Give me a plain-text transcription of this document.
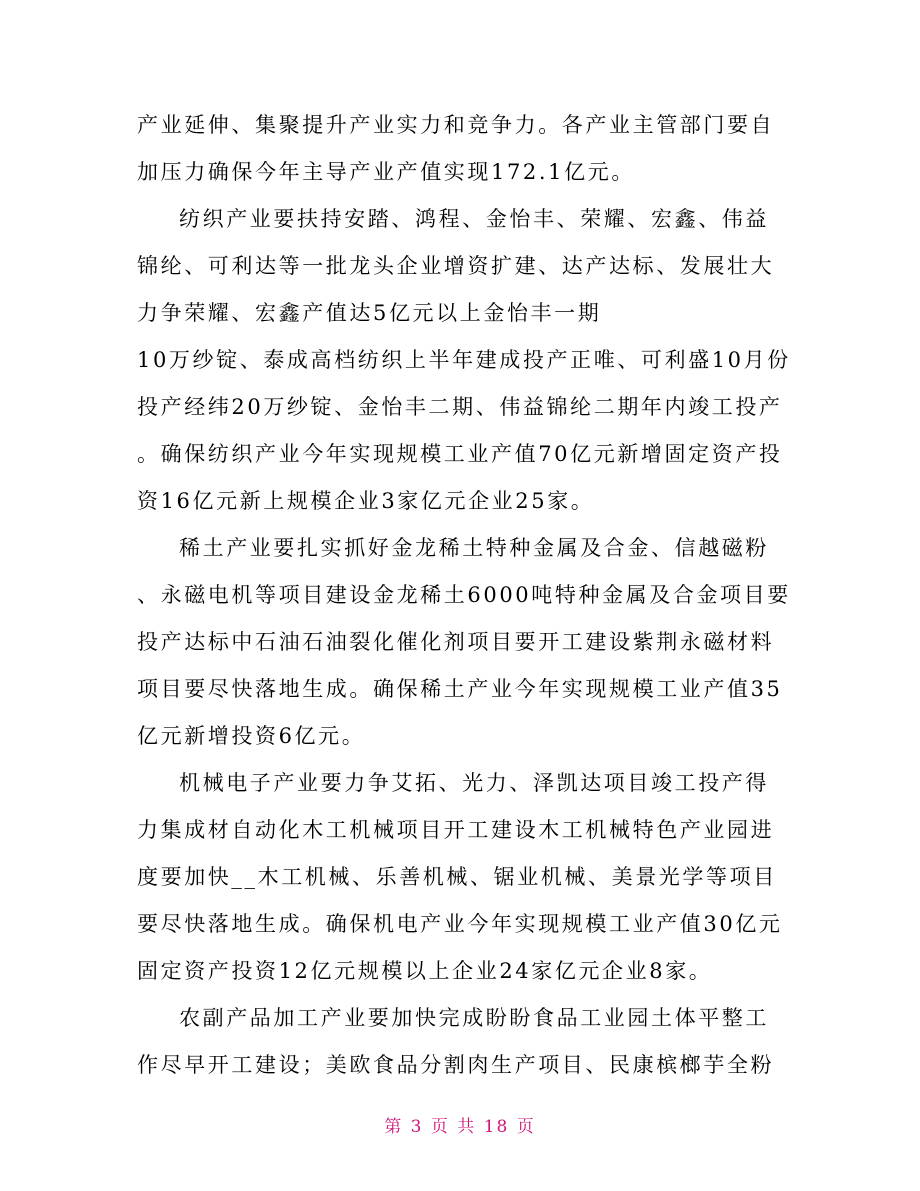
产业延伸、集聚提升产业实力和竞争力。各产业主管部门要自
加压力确保今年主导产业产值实现172.1亿元。
纺织产业要扶持安踏、鸿程、金怡丰、荣耀、宏鑫、伟益
锦纶、可利达等一批龙头企业增资扩建、达产达标、发展壮大
力争荣耀、宏鑫产值达5亿元以上金怡丰一期
10万纱锭、泰成高档纺织上半年建成投产正唯、可利盛10月份
投产经纬20万纱锭、金怡丰二期、伟益锦纶二期年内竣工投产
。确保纺织产业今年实现规模工业产值70亿元新增固定资产投
资16亿元新上规模企业3家亿元企业25家。
稀土产业要扎实抓好金龙稀土特种金属及合金、信越磁粉
、永磁电机等项目建设金龙稀土6000吨特种金属及合金项目要
投产达标中石油石油裂化催化剂项目要开工建设紫荆永磁材料
项目要尽快落地生成。确保稀土产业今年实现规模工业产值35
亿元新增投资6亿元。
机械电子产业要力争艾拓、光力、泽凯达项目竣工投产得
力集成材自动化木工机械项目开工建设木工机械特色产业园进
度要加快__木工机械、乐善机械、锯业机械、美景光学等项目
要尽快落地生成。确保机电产业今年实现规模工业产值30亿元
固定资产投资12亿元规模以上企业24家亿元企业8家。
农副产品加工产业要加快完成盼盼食品工业园土体平整工
作尽早开工建设；美欧食品分割肉生产项目、民康槟榔芋全粉
第 3 页 共 18 页
